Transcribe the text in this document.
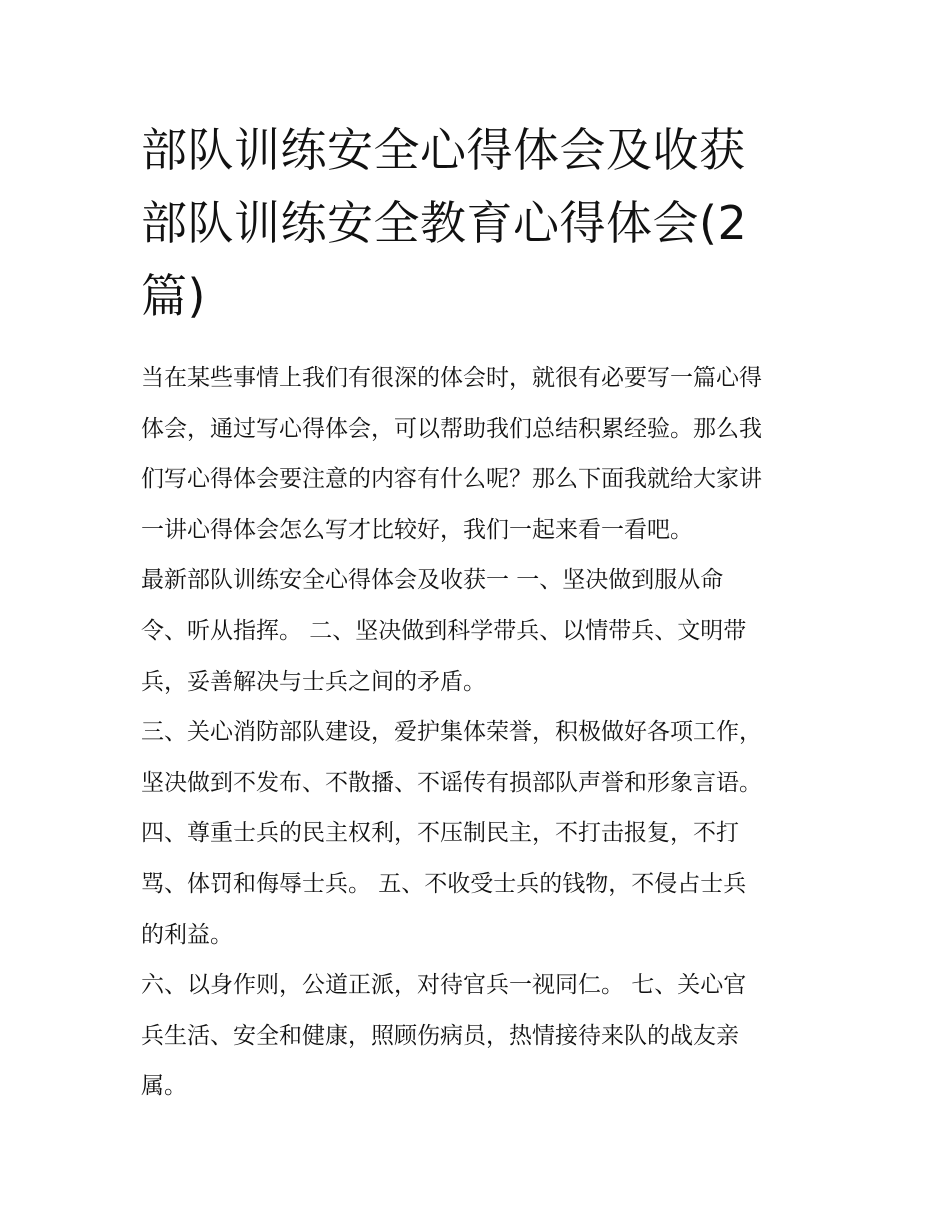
部队训练安全心得体会及收获
部队训练安全教育心得体会(2
篇)
当在某些事情上我们有很深的体会时，就很有必要写一篇心得
体会，通过写心得体会，可以帮助我们总结积累经验。那么我
们写心得体会要注意的内容有什么呢？那么下面我就给大家讲
一讲心得体会怎么写才比较好，我们一起来看一看吧。
最新部队训练安全心得体会及收获一 一、坚决做到服从命
令、听从指挥。 二、坚决做到科学带兵、以情带兵、文明带
兵，妥善解决与士兵之间的矛盾。
三、关心消防部队建设，爱护集体荣誉，积极做好各项工作，
坚决做到不发布、不散播、不谣传有损部队声誉和形象言语。
四、尊重士兵的民主权利，不压制民主，不打击报复，不打
骂、体罚和侮辱士兵。 五、不收受士兵的钱物，不侵占士兵
的利益。
六、以身作则，公道正派，对待官兵一视同仁。 七、关心官
兵生活、安全和健康，照顾伤病员，热情接待来队的战友亲
属。
